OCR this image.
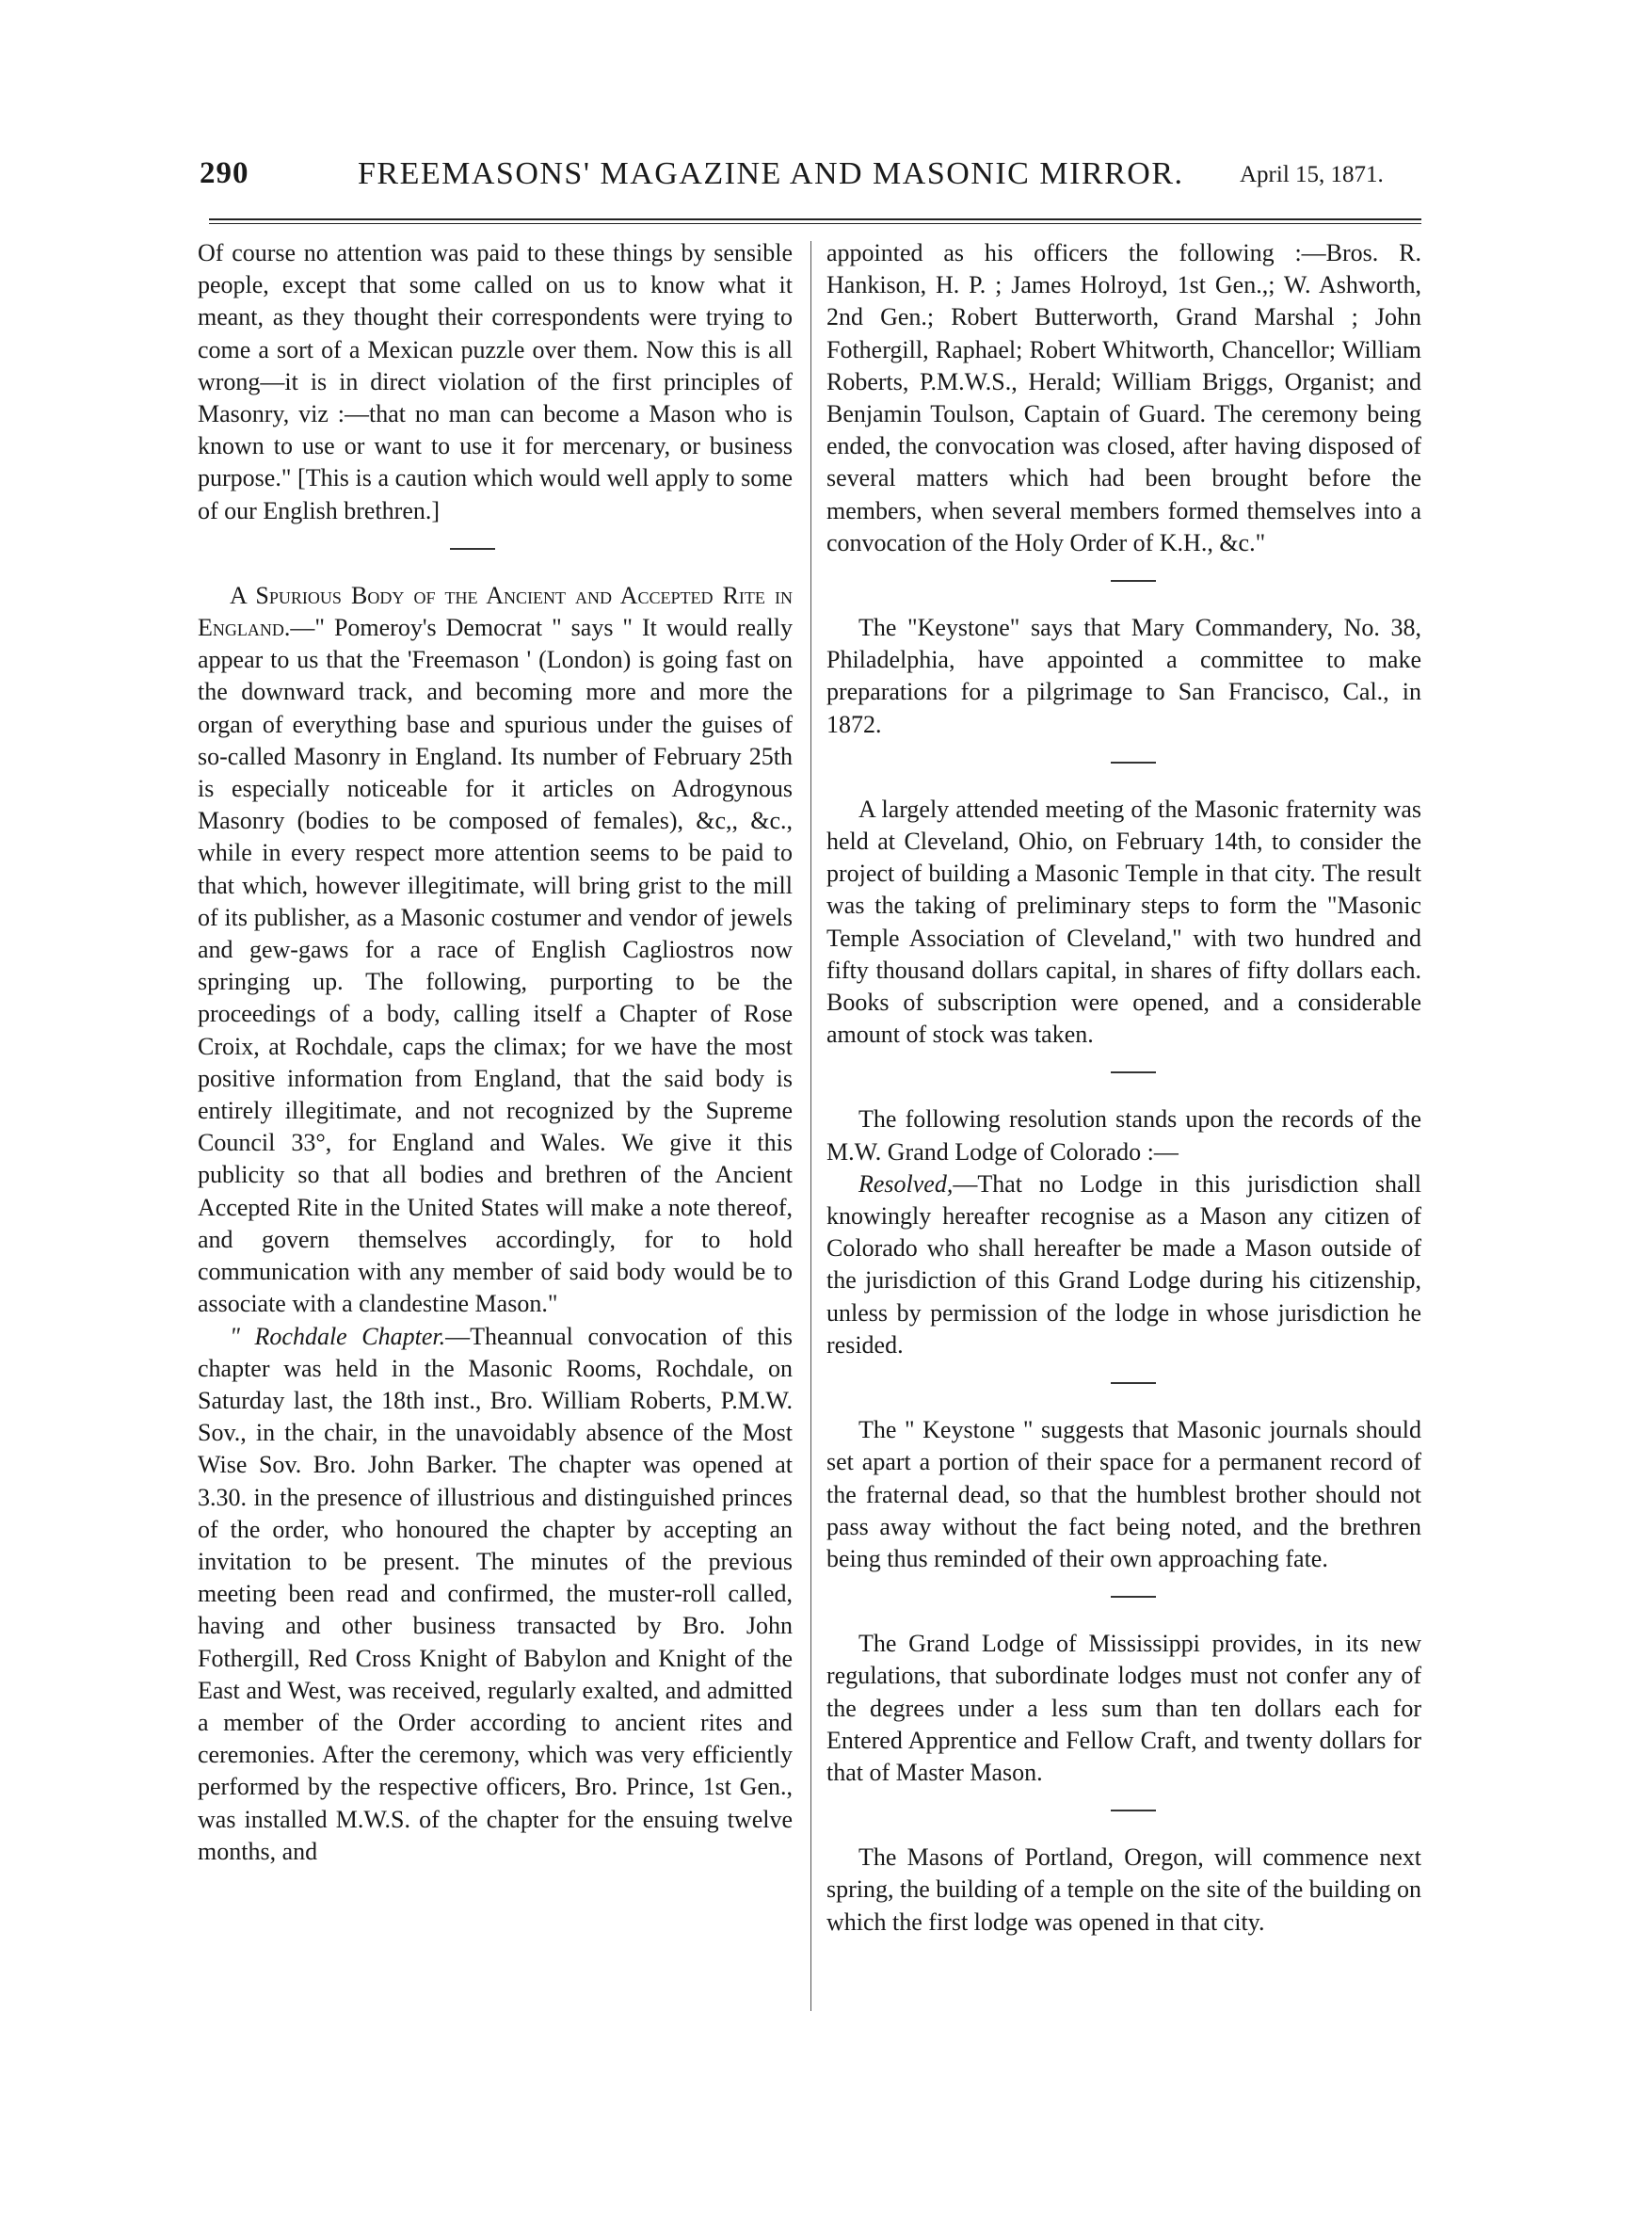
290	FREEMASONS' MAGAZINE AND MASONIC MIRROR. April 15, 1871.

Of course no attention was paid to these things by sensible people, except that some called on us to know what it meant, as they thought their correspondents were trying to come a sort of a Mexican puzzle over them. Now this is all wrong—it is in direct violation of the first principles of Masonry, viz :—that no man can become a Mason who is known to use or want to use it for mercenary, or business purpose." [This is a caution which would well apply to some of our English brethren.]

A Spurious Body of the Ancient and Accepted Rite in England.—" Pomeroy's Democrat " says " It would really appear to us that the 'Freemason ' (London) is going fast on the downward track, and becoming more and more the organ of everything base and spurious under the guises of so-called Masonry in England. Its number of February 25th is especially noticeable for it articles on Adrogynous Masonry (bodies to be composed of females), &c,, &c., while in every respect more attention seems to be paid to that which, however illegitimate, will bring grist to the mill of its publisher, as a Masonic costumer and vendor of jewels and gew-gaws for a race of English Cagliostros now springing up. The following, purporting to be the proceedings of a body, calling itself a Chapter of Rose Croix, at Rochdale, caps the climax; for we have the most positive information from England, that the said body is entirely illegitimate, and not recognized by the Supreme Council 33°, for England and Wales. We give it this publicity so that all bodies and brethren of the Ancient Accepted Rite in the United States will make a note thereof, and govern themselves accordingly, for to hold communication with any member of said body would be to associate with a clandestine Mason."

" Rochdale Chapter.—Theannual convocation of this chapter was held in the Masonic Rooms, Rochdale, on Saturday last, the 18th inst., Bro. William Roberts, P.M.W. Sov., in the chair, in the unavoidably absence of the Most Wise Sov. Bro. John Barker. The chapter was opened at 3.30. in the presence of illustrious and distinguished princes of the order, who honoured the chapter by accepting an invitation to be present. The minutes of the previous meeting been read and confirmed, the muster-roll called, having and other business transacted by Bro. John Fothergill, Red Cross Knight of Babylon and Knight of the East and West, was received, regularly exalted, and admitted a member of the Order according to ancient rites and ceremonies. After the ceremony, which was very efficiently performed by the respective officers, Bro. Prince, 1st Gen., was installed M.W.S. of the chapter for the ensuing twelve months, and

appointed as his officers the following :—Bros. R. Hankison, H. P. ; James Holroyd, 1st Gen.,; W. Ashworth, 2nd Gen.; Robert Butterworth, Grand Marshal ; John Fothergill, Raphael; Robert Whitworth, Chancellor; William Roberts, P.M.W.S., Herald; William Briggs, Organist; and Benjamin Toulson, Captain of Guard. The ceremony being ended, the convocation was closed, after having disposed of several matters which had been brought before the members, when several members formed themselves into a convocation of the Holy Order of K.H., &c."

The "Keystone" says that Mary Commandery, No. 38, Philadelphia, have appointed a committee to make preparations for a pilgrimage to San Francisco, Cal., in 1872.

A largely attended meeting of the Masonic fraternity was held at Cleveland, Ohio, on February 14th, to consider the project of building a Masonic Temple in that city. The result was the taking of preliminary steps to form the "Masonic Temple Association of Cleveland," with two hundred and fifty thousand dollars capital, in shares of fifty dollars each. Books of subscription were opened, and a considerable amount of stock was taken.

The following resolution stands upon the records of the M.W. Grand Lodge of Colorado :—

Resolved,—That no Lodge in this jurisdiction shall knowingly hereafter recognise as a Mason any citizen of Colorado who shall hereafter be made a Mason outside of the jurisdiction of this Grand Lodge during his citizenship, unless by permission of the lodge in whose jurisdiction he resided.

The " Keystone " suggests that Masonic journals should set apart a portion of their space for a permanent record of the fraternal dead, so that the humblest brother should not pass away without the fact being noted, and the brethren being thus reminded of their own approaching fate.

The Grand Lodge of Mississippi provides, in its new regulations, that subordinate lodges must not confer any of the degrees under a less sum than ten dollars each for Entered Apprentice and Fellow Craft, and twenty dollars for that of Master Mason.

The Masons of Portland, Oregon, will commence next spring, the building of a temple on the site of the building on which the first lodge was opened in that city.
